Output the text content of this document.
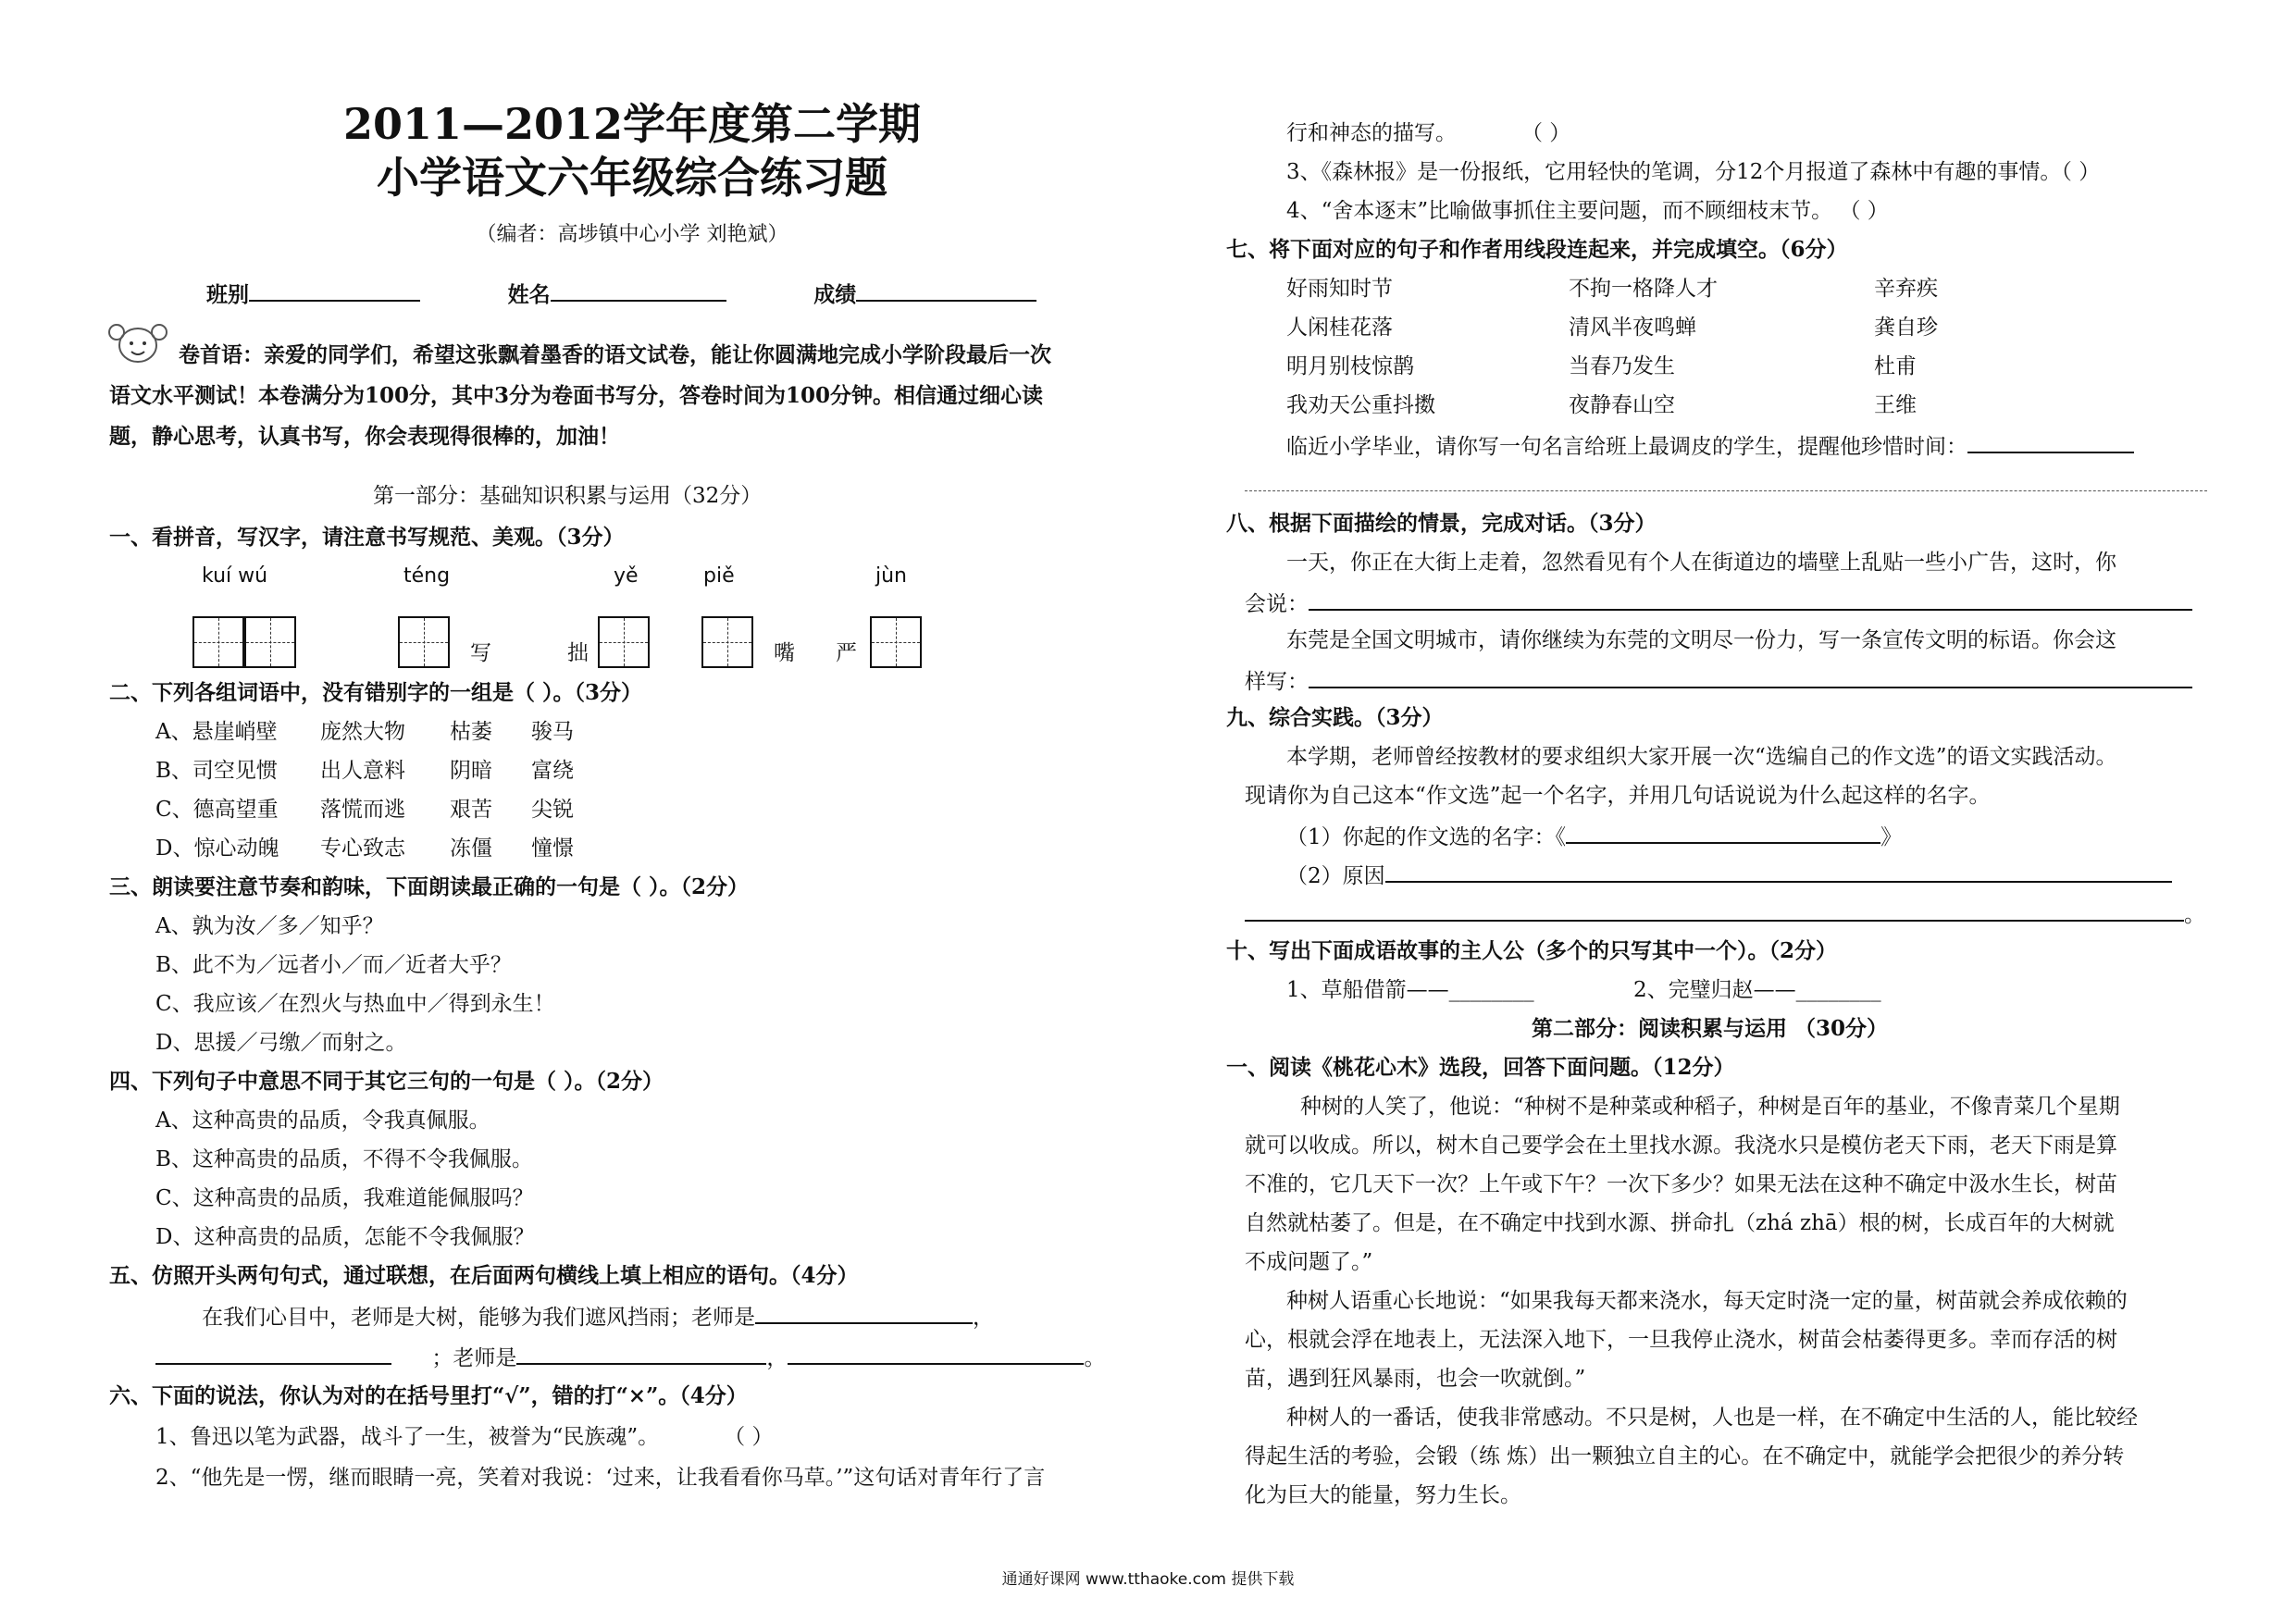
2011—2012学年度第二学期
小学语文六年级综合练习题
（编者：高埗镇中心小学 刘艳斌）
班别	姓名	成绩
卷首语：亲爱的同学们，希望这张飘着墨香的语文试卷，能让你圆满地完成小学阶段最后一次
语文水平测试！本卷满分为100分，其中3分为卷面书写分，答卷时间为100分钟。相信通过细心读
题，静心思考，认真书写，你会表现得很棒的，加油！
第一部分：基础知识积累与运用（32分）
一、看拼音，写汉字，请注意书写规范、美观。（3分）
kuí wú	téng	yě	piě	jùn
写	拙	嘴 严
二、下列各组词语中，没有错别字的一组是（ ）。（3分）
A、悬崖峭壁 庞然大物 枯萎 骏马
B、司空见惯 出人意料 阴暗 富绕
C、德高望重 落慌而逃 艰苦 尖锐
D、惊心动魄 专心致志 冻僵 憧憬
三、朗读要注意节奏和韵味，下面朗读最正确的一句是（ ）。（2分）
A、孰为汝／多／知乎？
B、此不为／远者小／而／近者大乎？
C、我应该／在烈火与热血中／得到永生！
D、思援／弓缴／而射之。
四、下列句子中意思不同于其它三句的一句是（ ）。（2分）
A、这种高贵的品质，令我真佩服。
B、这种高贵的品质，不得不令我佩服。
C、这种高贵的品质，我难道能佩服吗？
D、这种高贵的品质，怎能不令我佩服？
五、仿照开头两句句式，通过联想，在后面两句横线上填上相应的语句。（4分）
在我们心目中，老师是大树，能够为我们遮风挡雨；老师是	，
；老师是	，	。
六、下面的说法，你认为对的在括号里打“√”，错的打“×”。（4分）
1、鲁迅以笔为武器，战斗了一生，被誉为“民族魂”。	（ ）
2、“他先是一愣，继而眼睛一亮，笑着对我说：‘过来，让我看看你马草。’”这句话对青年行了言
行和神态的描写。	（ ）
3、《森林报》是一份报纸，它用轻快的笔调，分12个月报道了森林中有趣的事情。（ ）
4、“舍本逐末”比喻做事抓住主要问题，而不顾细枝末节。 （ ）
七、将下面对应的句子和作者用线段连起来，并完成填空。（6分）
好雨知时节	不拘一格降人才	辛弃疾
人闲桂花落	清风半夜鸣蝉	龚自珍
明月别枝惊鹊	当春乃发生	杜甫
我劝天公重抖擞	夜静春山空	王维
临近小学毕业，请你写一句名言给班上最调皮的学生，提醒他珍惜时间：
八、根据下面描绘的情景，完成对话。（3分）
一天，你正在大街上走着，忽然看见有个人在街道边的墙壁上乱贴一些小广告，这时，你
会说：
东莞是全国文明城市，请你继续为东莞的文明尽一份力，写一条宣传文明的标语。你会这
样写：
九、综合实践。（3分）
本学期，老师曾经按教材的要求组织大家开展一次“选编自己的作文选”的语文实践活动。
现请你为自己这本“作文选”起一个名字，并用几句话说说为什么起这样的名字。
（1）你起的作文选的名字：《	》
（2）原因
。
十、写出下面成语故事的主人公（多个的只写其中一个）。（2分）
1、草船借箭——________	2、完璧归赵——________
第二部分：阅读积累与运用 （30分）
一、阅读《桃花心木》选段，回答下面问题。（12分）
种树的人笑了，他说：“种树不是种菜或种稻子，种树是百年的基业，不像青菜几个星期
就可以收成。所以，树木自己要学会在土里找水源。我浇水只是模仿老天下雨，老天下雨是算
不准的，它几天下一次？上午或下午？一次下多少？如果无法在这种不确定中汲水生长，树苗
自然就枯萎了。但是，在不确定中找到水源、拼命扎（zhá zhā）根的树，长成百年的大树就
不成问题了。”
种树人语重心长地说：“如果我每天都来浇水，每天定时浇一定的量，树苗就会养成依赖的
心，根就会浮在地表上，无法深入地下，一旦我停止浇水，树苗会枯萎得更多。幸而存活的树
苗，遇到狂风暴雨，也会一吹就倒。”
种树人的一番话，使我非常感动。不只是树，人也是一样，在不确定中生活的人，能比较经
得起生活的考验，会锻（练 炼）出一颗独立自主的心。在不确定中，就能学会把很少的养分转
化为巨大的能量，努力生长。
通通好课网 www.tthaoke.com 提供下载
